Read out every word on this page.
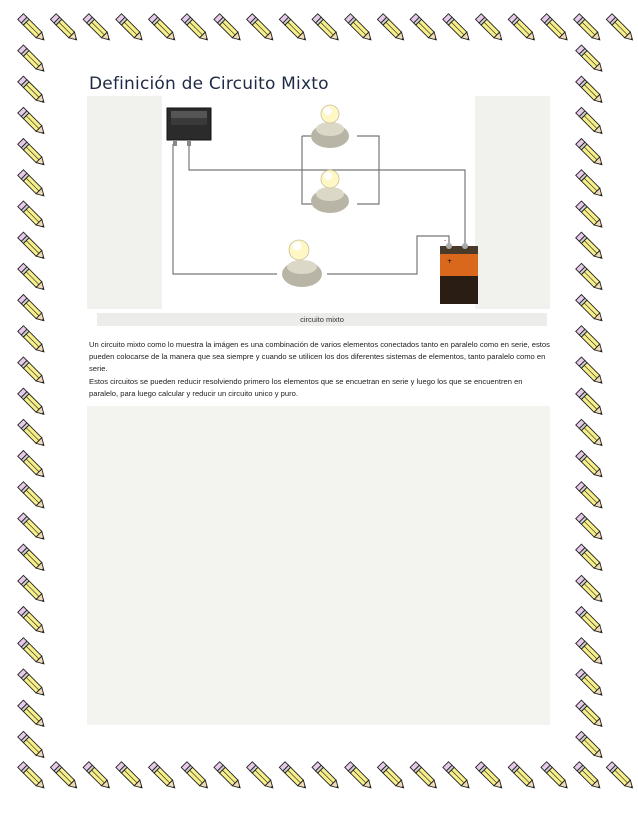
Definición de Circuito Mixto
+
-
circuito mixto

Un circuito mixto como lo muestra la imágen es una combinación de varios elementos conectados tanto en paralelo como en serie, estos pueden colocarse de la manera que sea siempre y cuando se utilicen los dos diferentes sistemas de elementos, tanto paralelo como en serie.

Estos circuitos se pueden reducir resolviendo primero los elementos que se encuetran en serie y luego los que se encuentren en paralelo, para luego calcular y reducir un circuito unico y puro.
